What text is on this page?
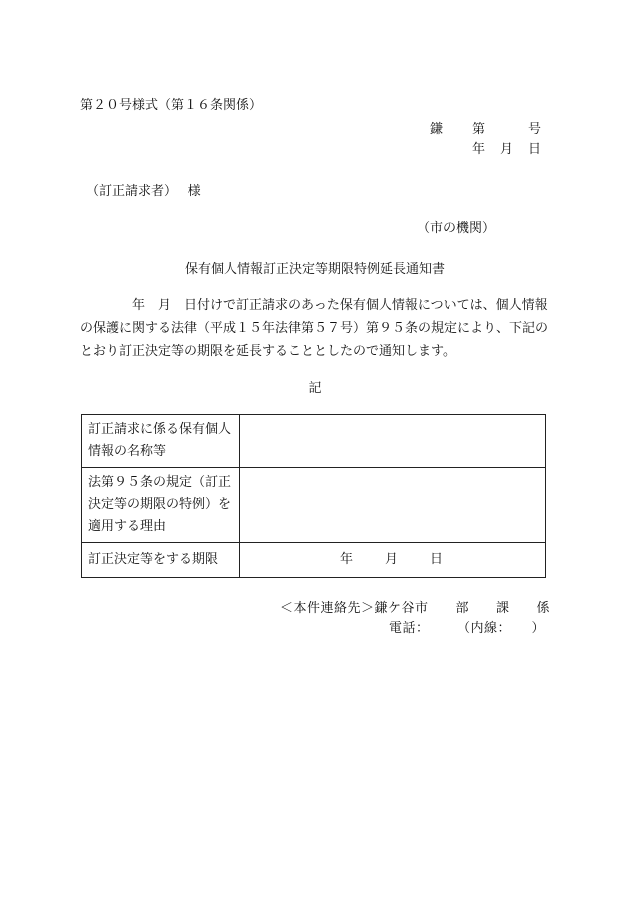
第２０号様式（第１６条関係）
鎌　　第　　　号
年　月　日
（訂正請求者）　 様
（市の機関）
保有個人情報訂正決定等期限特例延長通知書
年　月　日付けで訂正請求のあった保有個人情報については、個人情報の保護に関する法律（平成１５年法律第５７号）第９５条の規定により、下記のとおり訂正決定等の期限を延長することとしたので通知します。
記
訂正請求に係る保有個人情報の名称等	
法第９５条の規定（訂正決定等の期限の特例）を適用する理由	
訂正決定等をする期限	年　　月　　日
＜本件連絡先＞鎌ケ谷市　　部　　課　　係
電話：　　　（内線：　　）
